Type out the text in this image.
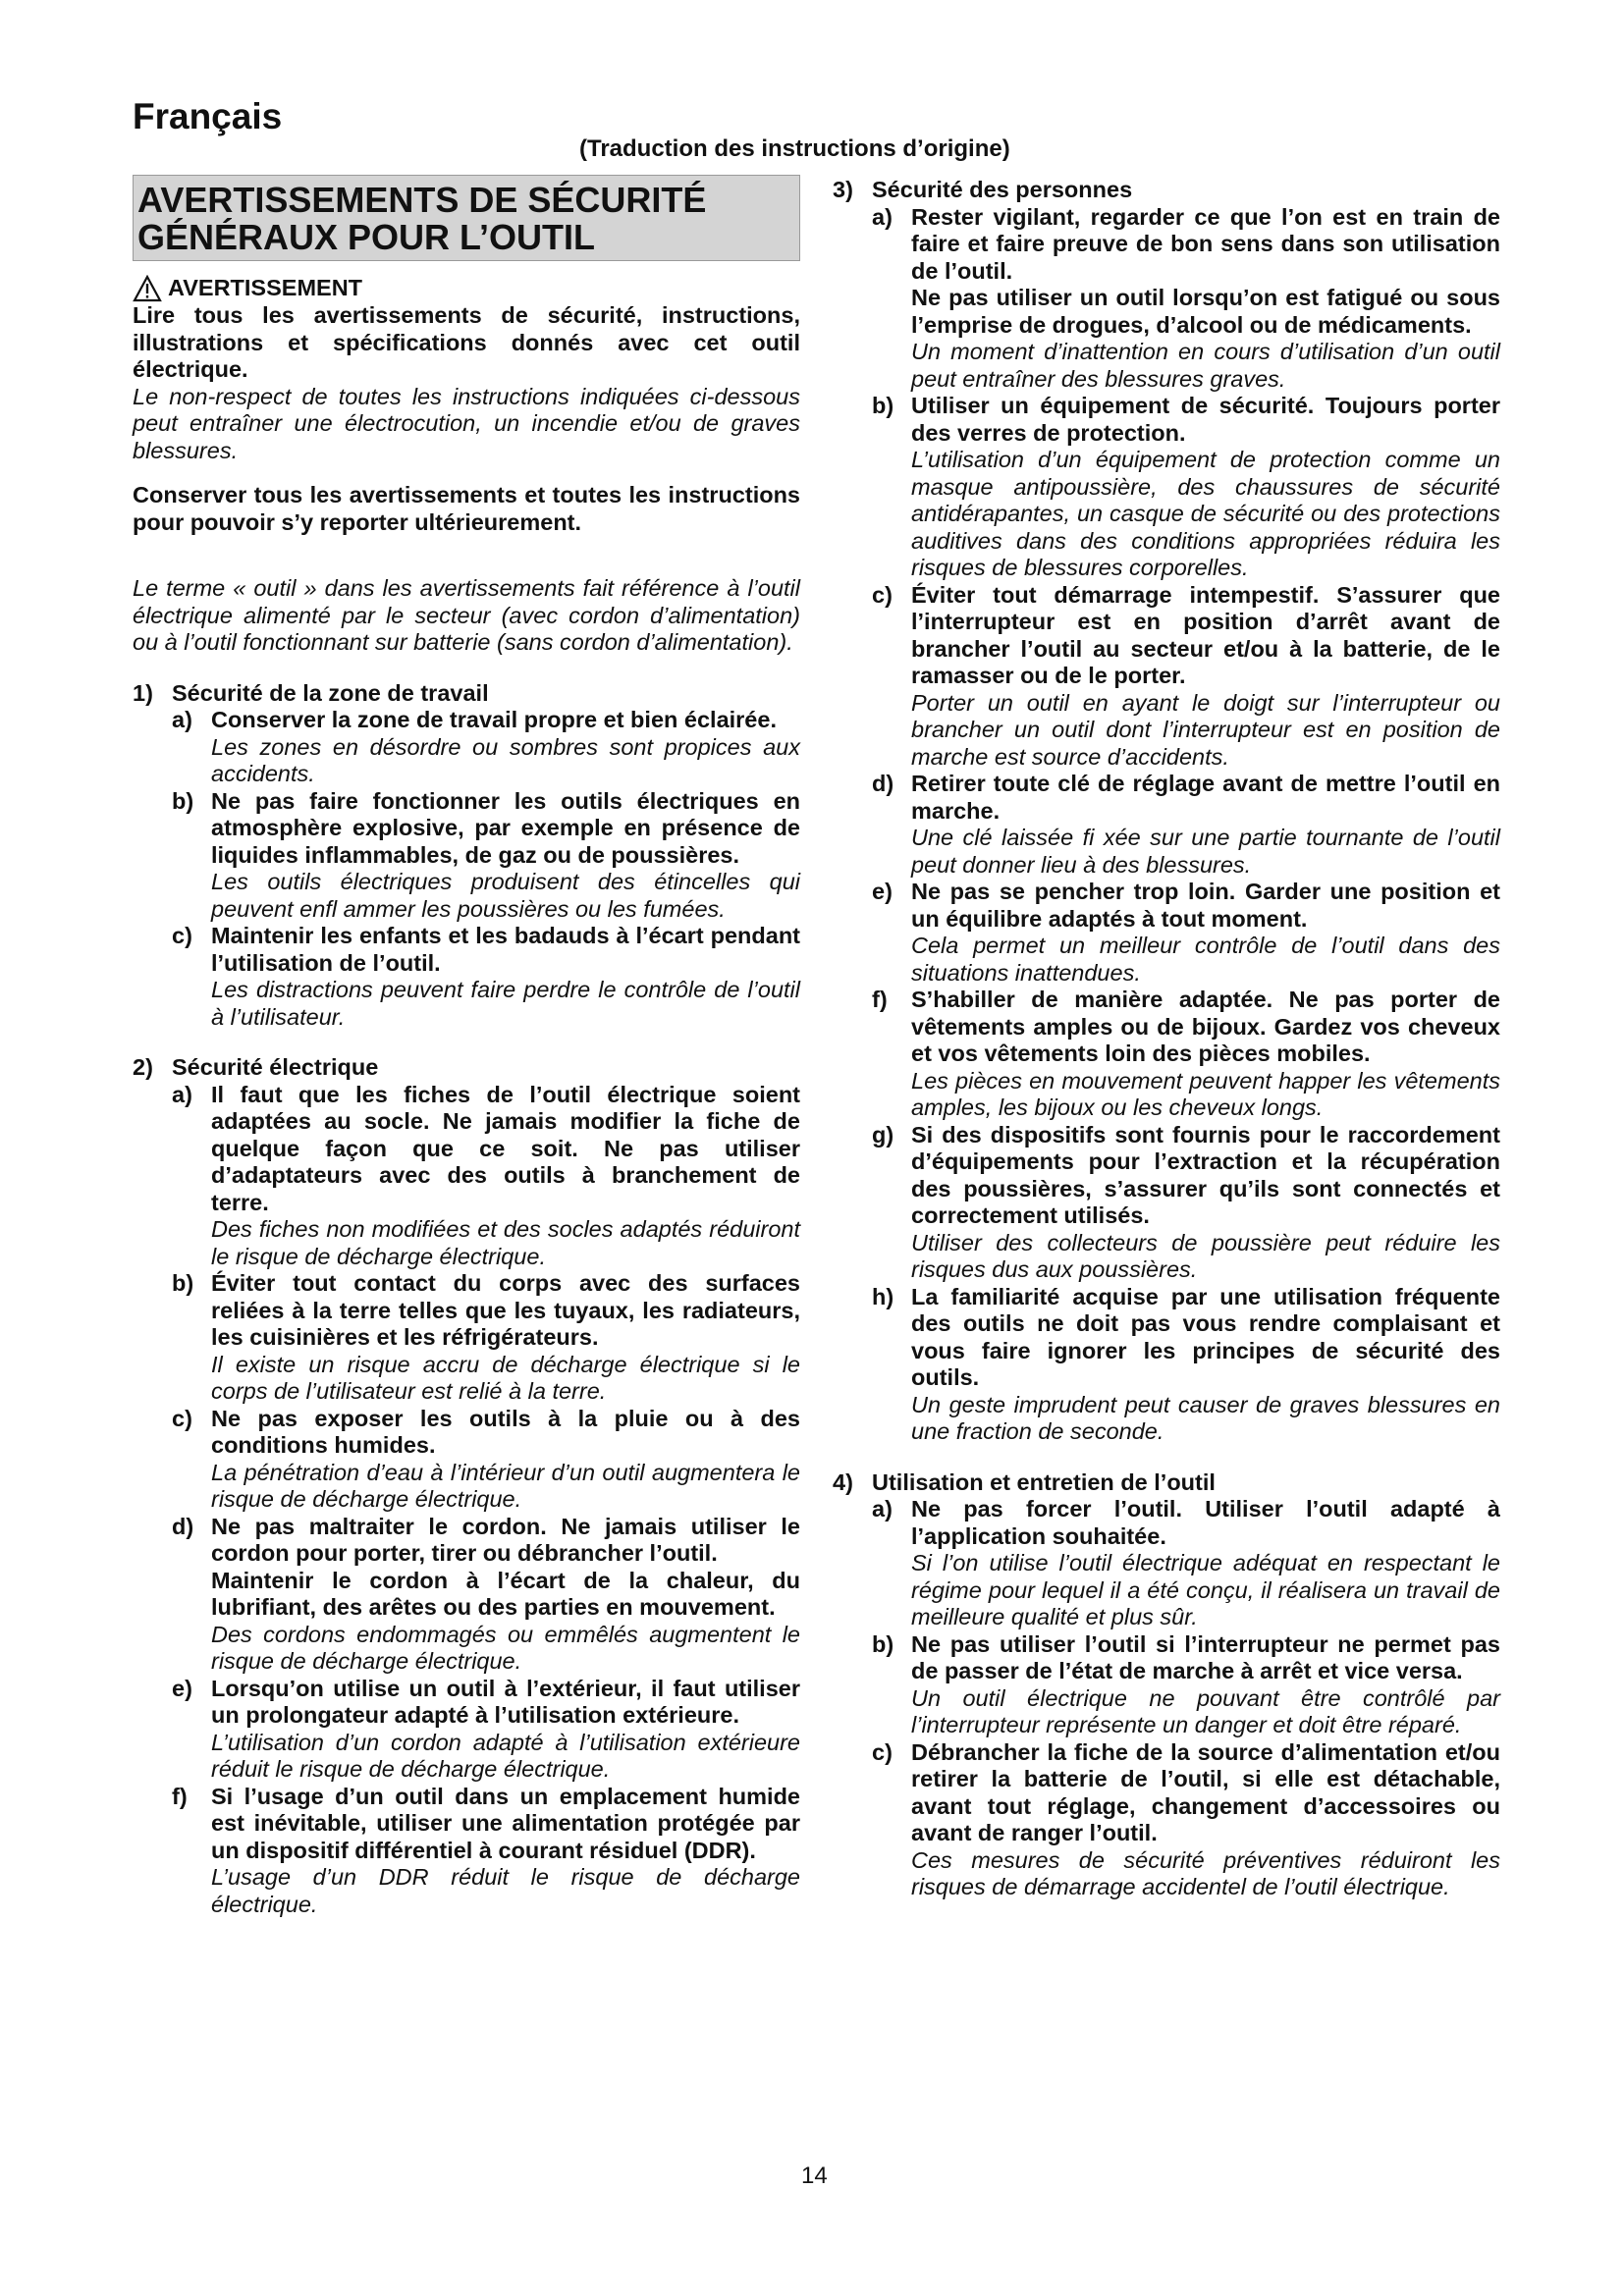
Français
(Traduction des instructions d’origine)
AVERTISSEMENTS DE SÉCURITÉ GÉNÉRAUX POUR L’OUTIL
AVERTISSEMENT

Lire tous les avertissements de sécurité, instructions, illustrations et spécifications donnés avec cet outil électrique.

Le non-respect de toutes les instructions indiquées ci-dessous peut entraîner une électrocution, un incendie et/ou de graves blessures.

Conserver tous les avertissements et toutes les instructions pour pouvoir s’y reporter ultérieurement.

Le terme « outil » dans les avertissements fait référence à l’outil électrique alimenté par le secteur (avec cordon d’alimentation) ou à l’outil fonctionnant sur batterie (sans cordon d’alimentation).

1) Sécurité de la zone de travail
a) Conserver la zone de travail propre et bien éclairée.
Les zones en désordre ou sombres sont propices aux accidents.
b) Ne pas faire fonctionner les outils électriques en atmosphère explosive, par exemple en présence de liquides inflammables, de gaz ou de poussières.
Les outils électriques produisent des étincelles qui peuvent enfl ammer les poussières ou les fumées.
c) Maintenir les enfants et les badauds à l’écart pendant l’utilisation de l’outil.
Les distractions peuvent faire perdre le contrôle de l’outil à l’utilisateur.
2) Sécurité électrique
a) Il faut que les fiches de l’outil électrique soient adaptées au socle. Ne jamais modifier la fiche de quelque façon que ce soit. Ne pas utiliser d’adaptateurs avec des outils à branchement de terre.
Des fiches non modifiées et des socles adaptés réduiront le risque de décharge électrique.
b) Éviter tout contact du corps avec des surfaces reliées à la terre telles que les tuyaux, les radiateurs, les cuisinières et les réfrigérateurs.
Il existe un risque accru de décharge électrique si le corps de l’utilisateur est relié à la terre.
c) Ne pas exposer les outils à la pluie ou à des conditions humides.
La pénétration d’eau à l’intérieur d’un outil augmentera le risque de décharge électrique.
d) Ne pas maltraiter le cordon. Ne jamais utiliser le cordon pour porter, tirer ou débrancher l’outil.
Maintenir le cordon à l’écart de la chaleur, du lubrifiant, des arêtes ou des parties en mouvement.
Des cordons endommagés ou emmêlés augmentent le risque de décharge électrique.
e) Lorsqu’on utilise un outil à l’extérieur, il faut utiliser un prolongateur adapté à l’utilisation extérieure.
L’utilisation d’un cordon adapté à l’utilisation extérieure réduit le risque de décharge électrique.
f)	Si l’usage d’un outil dans un emplacement humide est inévitable, utiliser une alimentation protégée par un dispositif différentiel à courant résiduel (DDR).
L’usage d’un DDR réduit le risque de décharge électrique.
3) Sécurité des personnes
a) Rester vigilant, regarder ce que l’on est en train de faire et faire preuve de bon sens dans son utilisation de l’outil.
Ne pas utiliser un outil lorsqu’on est fatigué ou sous l’emprise de drogues, d’alcool ou de médicaments.
Un moment d’inattention en cours d’utilisation d’un outil peut entraîner des blessures graves.
b) Utiliser un équipement de sécurité. Toujours porter des verres de protection.
L’utilisation d’un équipement de protection comme un masque antipoussière, des chaussures de sécurité antidérapantes, un casque de sécurité ou des protections auditives dans des conditions appropriées réduira les risques de blessures corporelles.
c) Éviter tout démarrage intempestif. S’assurer que l’interrupteur est en position d’arrêt avant de brancher l’outil au secteur et/ou à la batterie, de le ramasser ou de le porter.
Porter un outil en ayant le doigt sur l’interrupteur ou brancher un outil dont l’interrupteur est en position de marche est source d’accidents.
d) Retirer toute clé de réglage avant de mettre l’outil en marche.
Une clé laissée fi xée sur une partie tournante de l’outil peut donner lieu à des blessures.
e) Ne pas se pencher trop loin. Garder une position et un équilibre adaptés à tout moment.
Cela permet un meilleur contrôle de l’outil dans des situations inattendues.
f)	S’habiller de manière adaptée. Ne pas porter de vêtements amples ou de bijoux. Gardez vos cheveux et vos vêtements loin des pièces mobiles.
Les pièces en mouvement peuvent happer les vêtements amples, les bijoux ou les cheveux longs.
g) Si des dispositifs sont fournis pour le raccordement d’équipements pour l’extraction et la récupération des poussières, s’assurer qu’ils sont connectés et correctement utilisés.
Utiliser des collecteurs de poussière peut réduire les risques dus aux poussières.
h) La familiarité acquise par une utilisation fréquente des outils ne doit pas vous rendre complaisant et vous faire ignorer les principes de sécurité des outils.
Un geste imprudent peut causer de graves blessures en une fraction de seconde.
4) Utilisation et entretien de l’outil
a) Ne pas forcer l’outil. Utiliser l’outil adapté à l’application souhaitée.
Si l’on utilise l’outil électrique adéquat en respectant le régime pour lequel il a été conçu, il réalisera un travail de meilleure qualité et plus sûr.
b) Ne pas utiliser l’outil si l’interrupteur ne permet pas de passer de l’état de marche à arrêt et vice versa.
Un outil électrique ne pouvant être contrôlé par l’interrupteur représente un danger et doit être réparé.
c) Débrancher la fiche de la source d’alimentation et/ou retirer la batterie de l’outil, si elle est détachable, avant tout réglage, changement d’accessoires ou avant de ranger l’outil.
Ces mesures de sécurité préventives réduiront les risques de démarrage accidentel de l’outil électrique.
14
